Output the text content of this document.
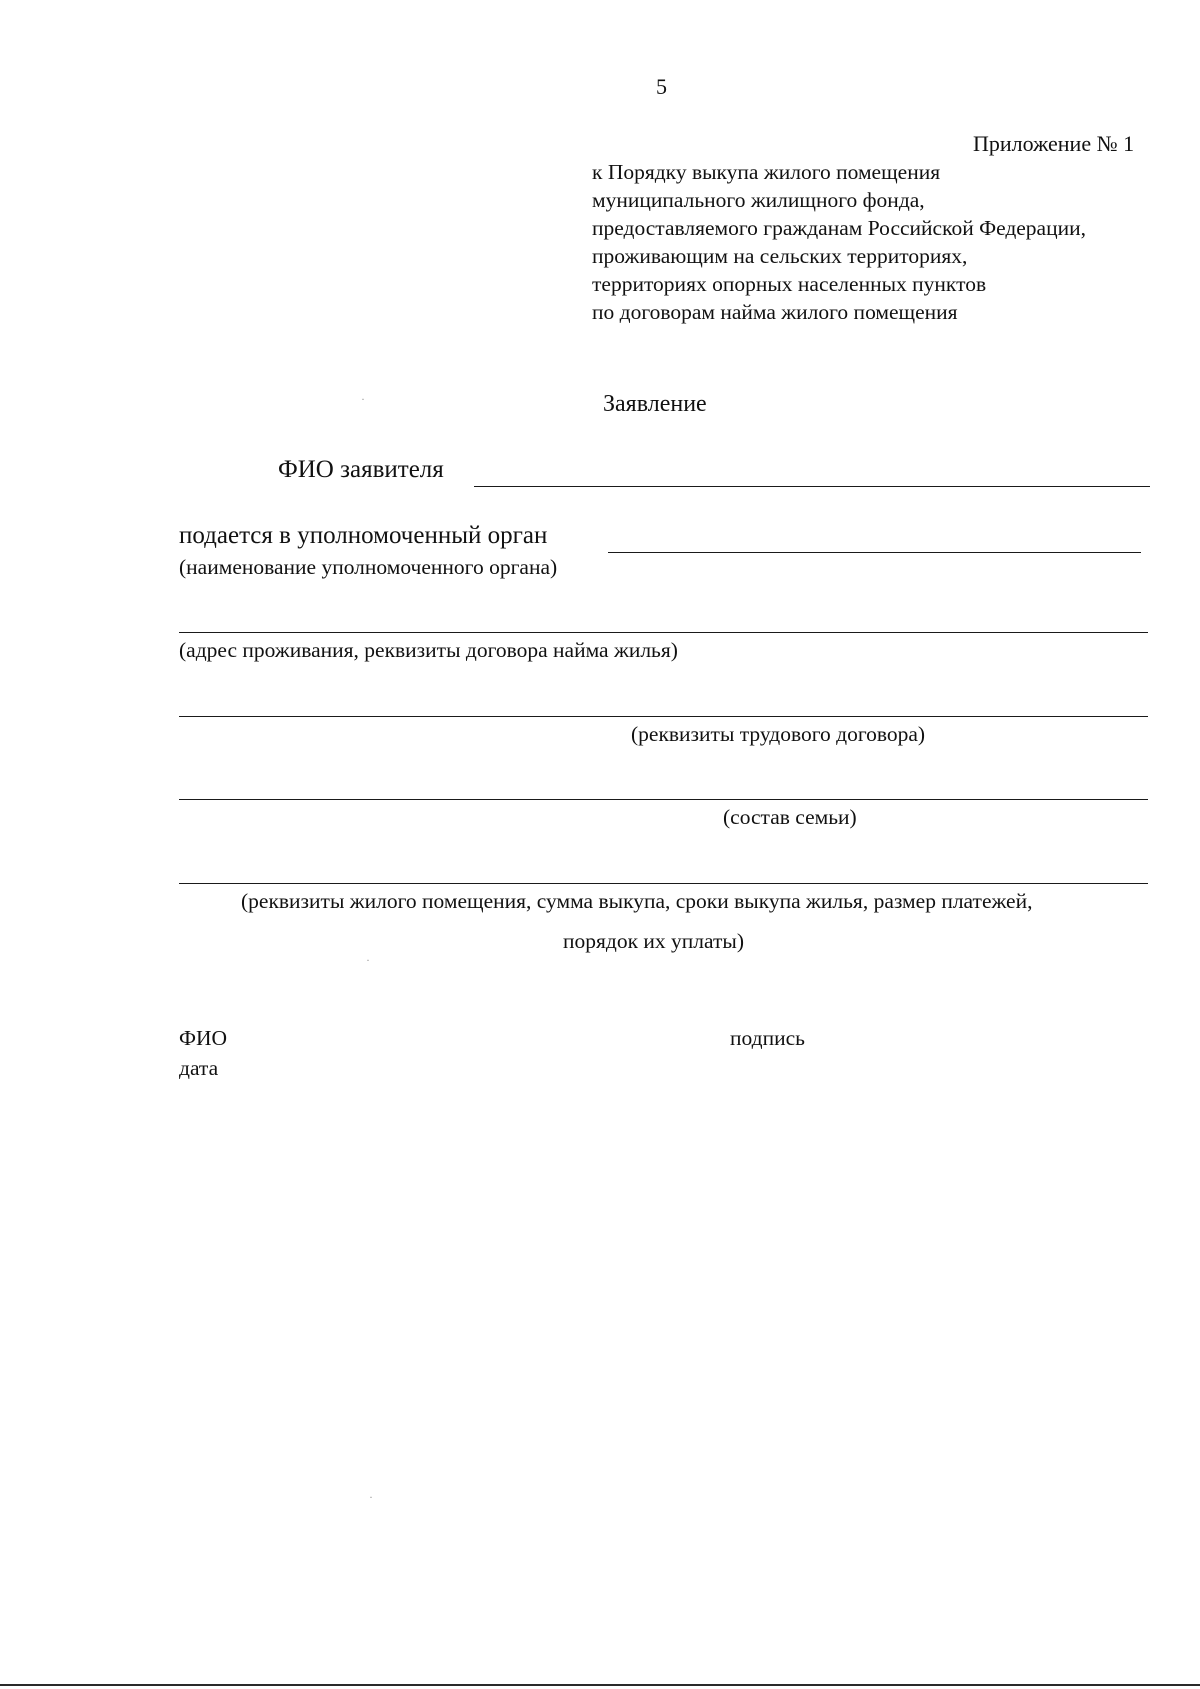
5
Приложение № 1
к Порядку выкупа жилого помещения
муниципального жилищного фонда,
предоставляемого гражданам Российской Федерации,
проживающим на сельских территориях,
территориях опорных населенных пунктов
по договорам найма жилого помещения
Заявление
ФИО заявителя
подается в уполномоченный орган
(наименование уполномоченного органа)
(адрес проживания, реквизиты договора найма жилья)
(реквизиты трудового договора)
(состав семьи)
(реквизиты жилого помещения, сумма выкупа, сроки выкупа жилья, размер платежей,
порядок их уплаты)
ФИО	подпись
дата
·
·
·
